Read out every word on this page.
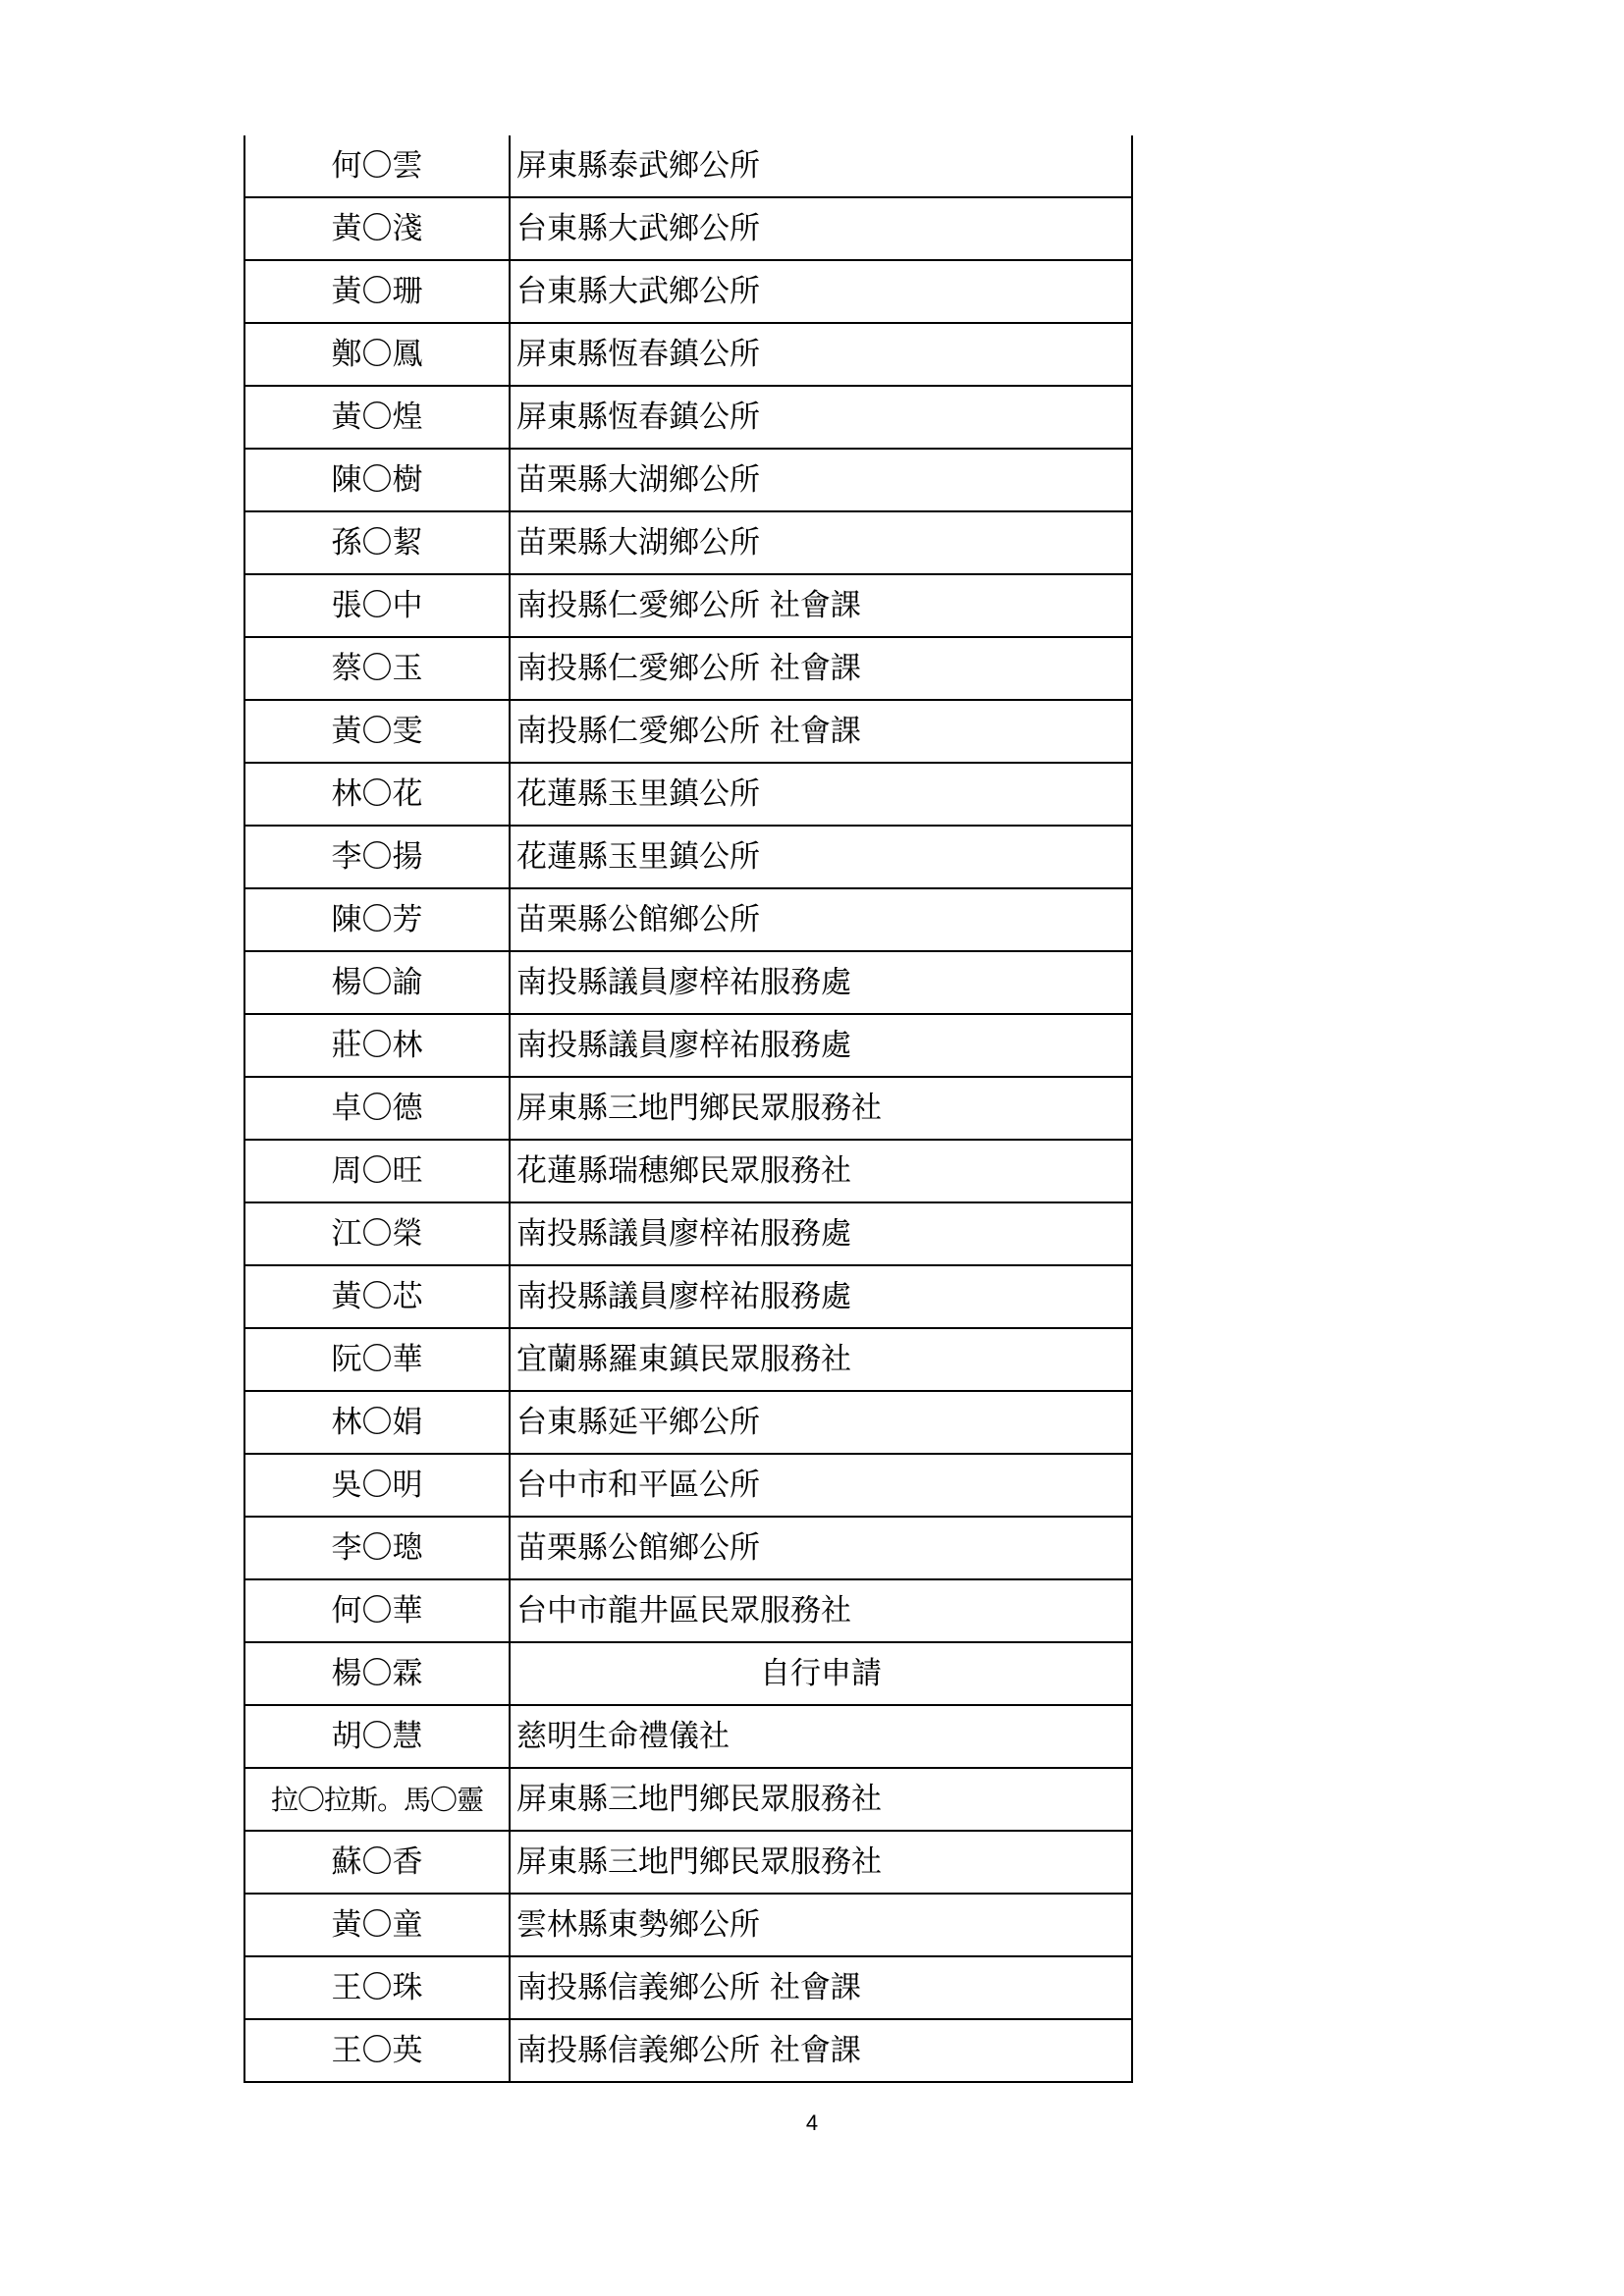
何〇雲	屏東縣泰武鄉公所
黃〇淺	台東縣大武鄉公所
黃〇珊	台東縣大武鄉公所
鄭〇鳳	屏東縣恆春鎮公所
黃〇煌	屏東縣恆春鎮公所
陳〇樹	苗栗縣大湖鄉公所
孫〇絜	苗栗縣大湖鄉公所
張〇中	南投縣仁愛鄉公所 社會課
蔡〇玉	南投縣仁愛鄉公所 社會課
黃〇雯	南投縣仁愛鄉公所 社會課
林〇花	花蓮縣玉里鎮公所
李〇揚	花蓮縣玉里鎮公所
陳〇芳	苗栗縣公館鄉公所
楊〇諭	南投縣議員廖梓祐服務處
莊〇林	南投縣議員廖梓祐服務處
卓〇德	屏東縣三地門鄉民眾服務社
周〇旺	花蓮縣瑞穗鄉民眾服務社
江〇榮	南投縣議員廖梓祐服務處
黃〇芯	南投縣議員廖梓祐服務處
阮〇華	宜蘭縣羅東鎮民眾服務社
林〇娟	台東縣延平鄉公所
吳〇明	台中市和平區公所
李〇璁	苗栗縣公館鄉公所
何〇華	台中市龍井區民眾服務社
楊〇霖	自行申請
胡〇慧	慈明生命禮儀社
拉〇拉斯。馬〇靈	屏東縣三地門鄉民眾服務社
蘇〇香	屏東縣三地門鄉民眾服務社
黃〇童	雲林縣東勢鄉公所
王〇珠	南投縣信義鄉公所 社會課
王〇英	南投縣信義鄉公所 社會課
4
